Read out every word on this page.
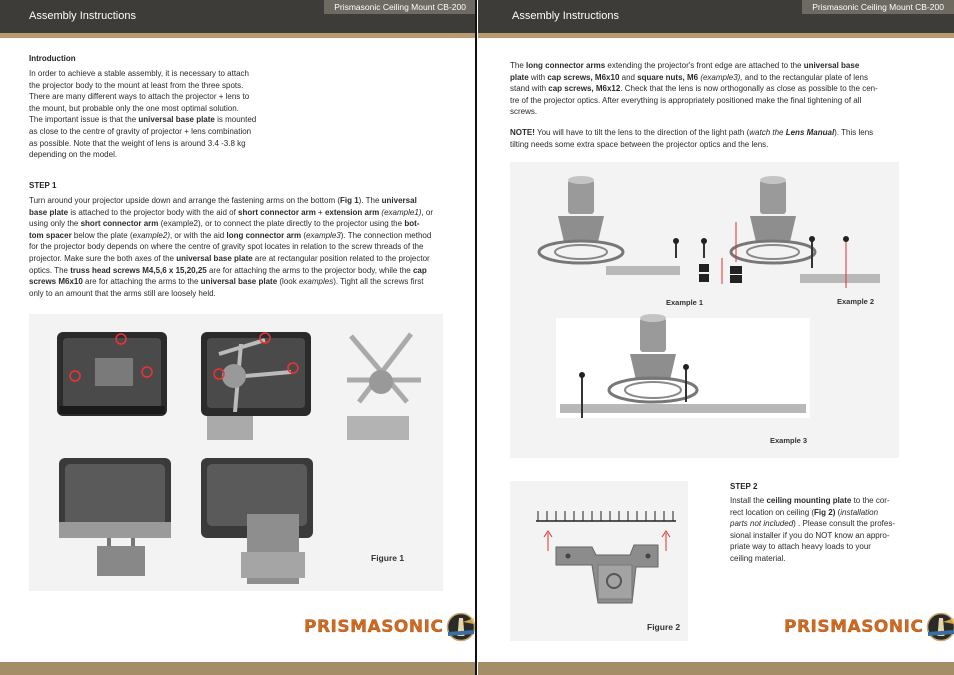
Assembly Instructions
Prismasonic Ceiling Mount CB-200
Introduction
In order to achieve a stable assembly, it is necessary to attach
the projector body to the mount at least from the three spots.
There are many different ways to attach the projector + lens to
the mount, but probable only the one most optimal solution.
The important issue is that the universal base plate is mounted
as close to the centre of gravity of projector + lens combination
as possible. Note that the weight of lens is around 3.4 -3.8 kg
depending on the model.
STEP 1
Turn around your projector upside down and arrange the fastening arms on the bottom (Fig 1). The universal
base plate is attached to the projector body with the aid of short connector arm + extension arm (example1), or
using only the short connector arm (example2), or to connect the plate directly to the projector using the bot-
tom spacer below the plate (example2), or with the aid long connector arm (example3). The connection method
for the projector body depends on where the centre of gravity spot locates in relation to the screw threads of the
projector. Make sure the both axes of the universal base plate are at rectangular position related to the projector
optics. The truss head screws M4,5,6 x 15,20,25 are for attaching the arms to the projector body, while the cap
screws M6x10 are for attaching the arms to the universal base plate (look examples). Tight all the screws first
only to an amount that the arms still are loosely held.
Figure 1
PRISMASONIC
Assembly Instructions
Prismasonic Ceiling Mount CB-200
The long connector arms extending the projector's front edge are attached to the universal base
plate with cap screws, M6x10 and square nuts, M6 (example3), and to the rectangular plate of lens
stand with cap screws, M6x12. Check that the lens is now orthogonally as close as possible to the cen-
tre of the projector optics. After everything is appropriately positioned make the final tightening of all
screws.
NOTE! You will have to tilt the lens to the direction of the light path (watch the Lens Manual). This lens
tilting needs some extra space between the projector optics and the lens.
Example 1	Example 2
Example 3
Figure 2
STEP 2
Install the ceiling mounting plate to the cor-
rect location on ceiling (Fig 2) (installation
parts not included) . Please consult the profes-
sional installer if you do NOT know an appro-
priate way to attach heavy loads to your
ceiling material.
PRISMASONIC
